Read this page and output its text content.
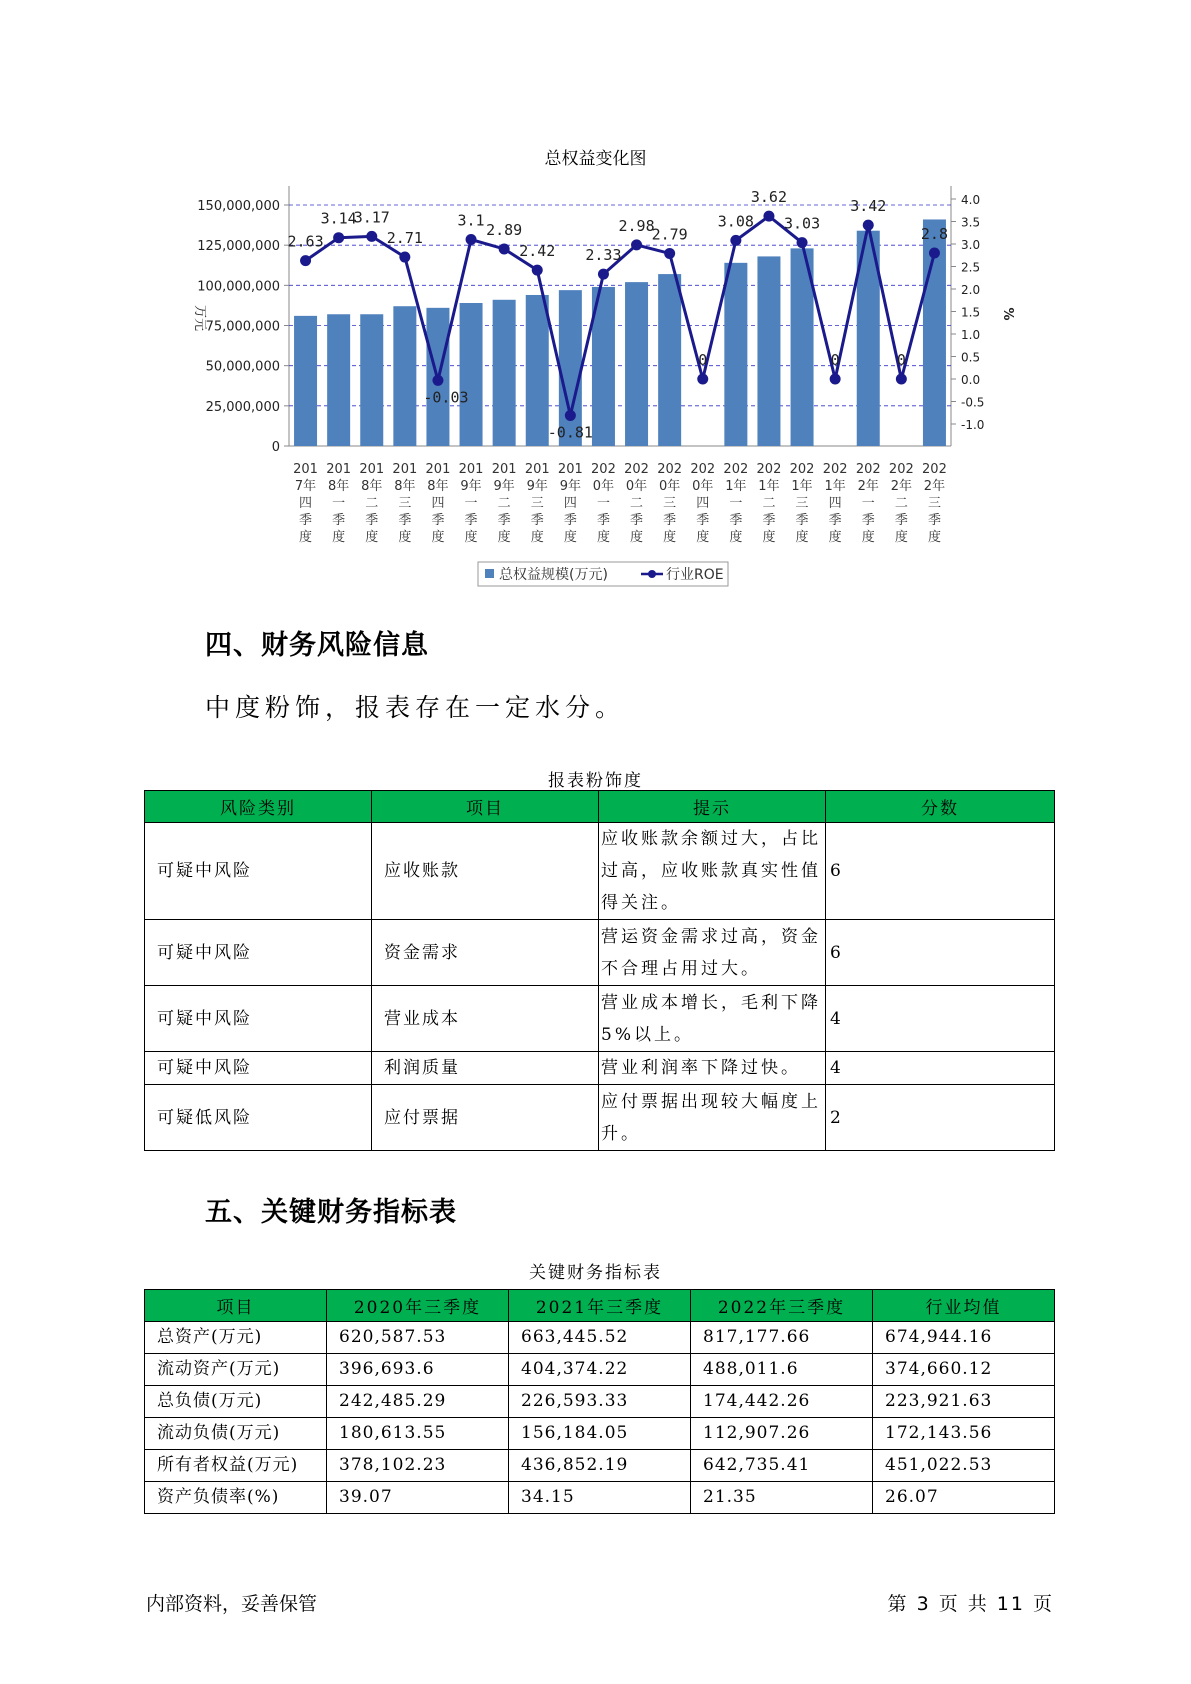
总权益变化图
150,000,000
125,000,000
100,000,000
75,000,000
50,000,000
25,000,000
0
4.0
3.5
3.0
2.5
2.0
1.5
1.0
0.5
0.0
-0.5
-1.0
万元	%
201
7年
四
季
度
201
8年
一
季
度
201
8年
二
季
度
201
8年
三
季
度
201
8年
四
季
度
201
9年
一
季
度
201
9年
二
季
度
201
9年
三
季
度
201
9年
四
季
度
202
0年
一
季
度
202
0年
二
季
度
202
0年
三
季
度
202
0年
四
季
度
202
1年
一
季
度
202
1年
二
季
度
202
1年
三
季
度
202
1年
四
季
度
202
2年
一
季
度
202
2年
二
季
度
202
2年
三
季
度
2.63
3.14
3.17
2.71
-0.03
3.1
2.89
2.42
-0.81
2.33
2.98
2.79
0
3.08
3.62
3.03
0
3.42
0
2.8
总权益规模(万元)	行业ROE
四、财务风险信息
中度粉饰，报表存在一定水分。
报表粉饰度
风险类别	项目	提示	分数
可疑中风险	应收账款	应收账款余额过大，占比过高，应收账款真实性值得关注。	6
可疑中风险	资金需求	营运资金需求过高，资金不合理占用过大。	6
可疑中风险	营业成本	营业成本增长，毛利下降5%以上。	4
可疑中风险	利润质量	营业利润率下降过快。	4
可疑低风险	应付票据	应付票据出现较大幅度上升。	2
五、关键财务指标表
关键财务指标表
项目	2020年三季度	2021年三季度	2022年三季度	行业均值
总资产(万元)	620,587.53	663,445.52	817,177.66	674,944.16
流动资产(万元)	396,693.6	404,374.22	488,011.6	374,660.12
总负债(万元)	242,485.29	226,593.33	174,442.26	223,921.63
流动负债(万元)	180,613.55	156,184.05	112,907.26	172,143.56
所有者权益(万元)	378,102.23	436,852.19	642,735.41	451,022.53
资产负债率(%)	39.07	34.15	21.35	26.07
内部资料，妥善保管	第 3 页 共 11 页
